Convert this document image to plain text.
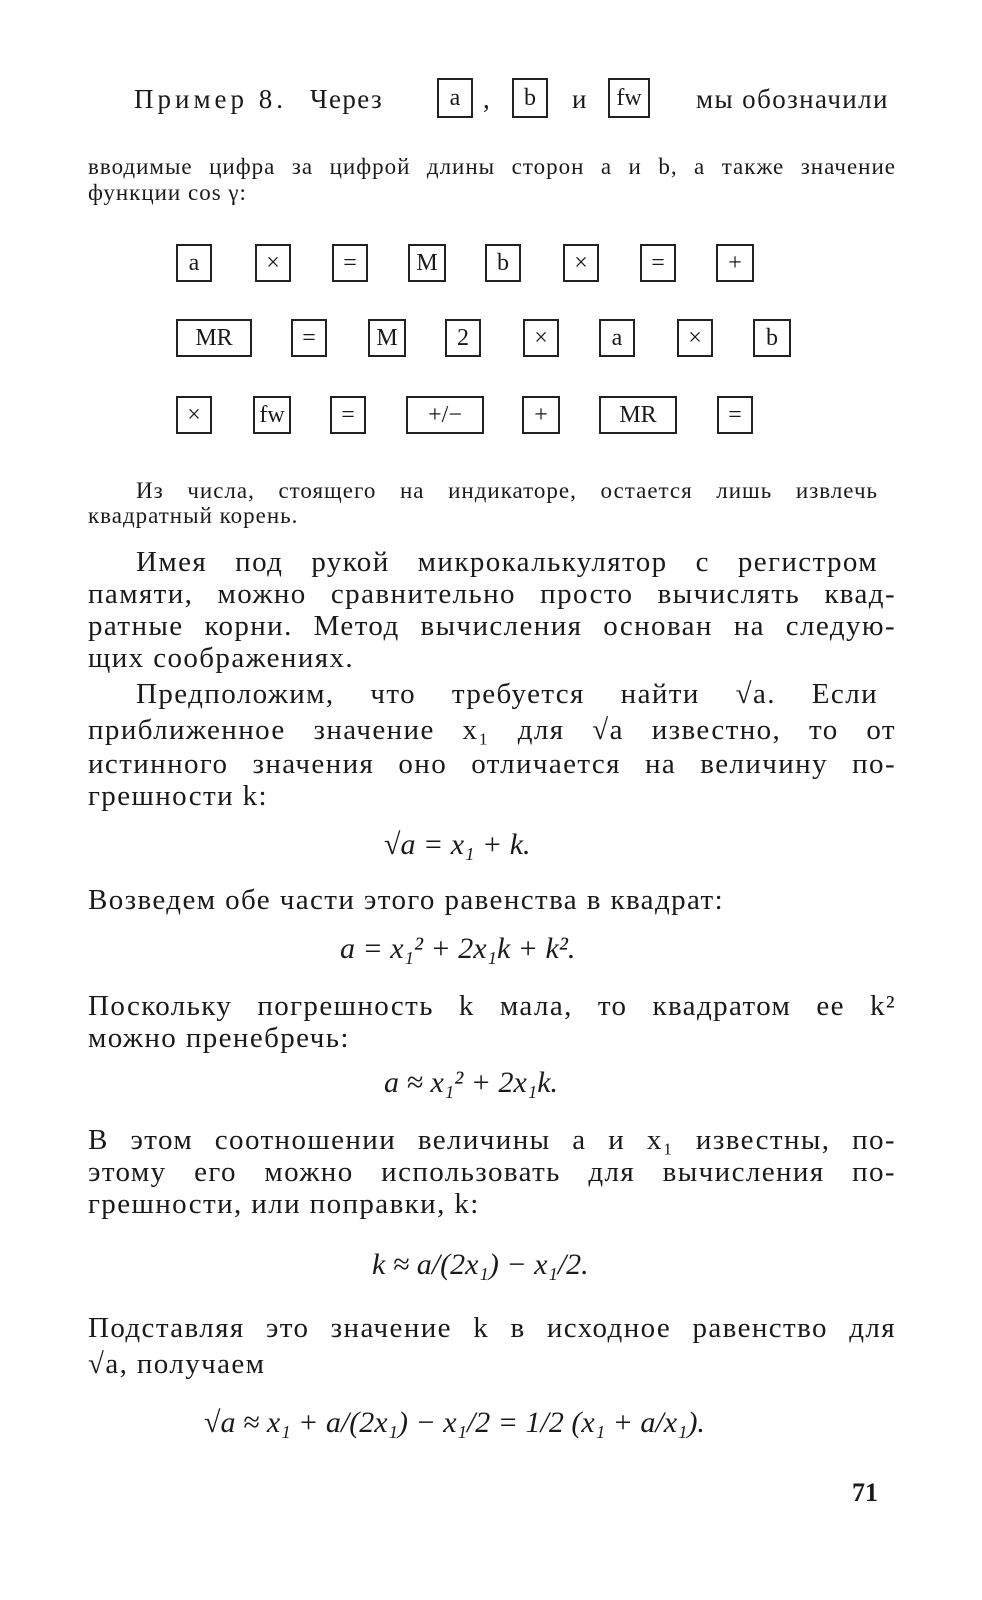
Пример 8. Через	,	и	мы обозначили
a	b	fw
вводимые цифра за цифрой длины сторон a и b, а также значение
функции cos γ:
a	×	= M b	×	=	+
MR	=	M 2	×	a	×	b
× fw =	+/−	+	MR	=
Из числа, стоящего на индикаторе, остается лишь извлечь
квадратный корень.
Имея под рукой микрокалькулятор с регистром
памяти, можно сравнительно просто вычислять квад-
ратные корни. Метод вычисления основан на следую-
щих соображениях.
Предположим, что требуется найти √a. Если
приближенное значение x₁ для √a известно, то от
истинного значения оно отличается на величину по-
грешности k:
√a = x₁ + k.
Возведем обе части этого равенства в квадрат:
a = x₁² + 2x₁k + k².
Поскольку погрешность k мала, то квадратом ее k²
можно пренебречь:
a ≈ x₁² + 2x₁k.
В этом соотношении величины a и x₁ известны, по-
этому его можно использовать для вычисления по-
грешности, или поправки, k:
k ≈ a/(2x₁) − x₁/2.
Подставляя это значение k в исходное равенство для
√a, получаем
√a ≈ x₁ + a/(2x₁) − x₁/2 = 1/2 (x₁ + a/x₁).
71
